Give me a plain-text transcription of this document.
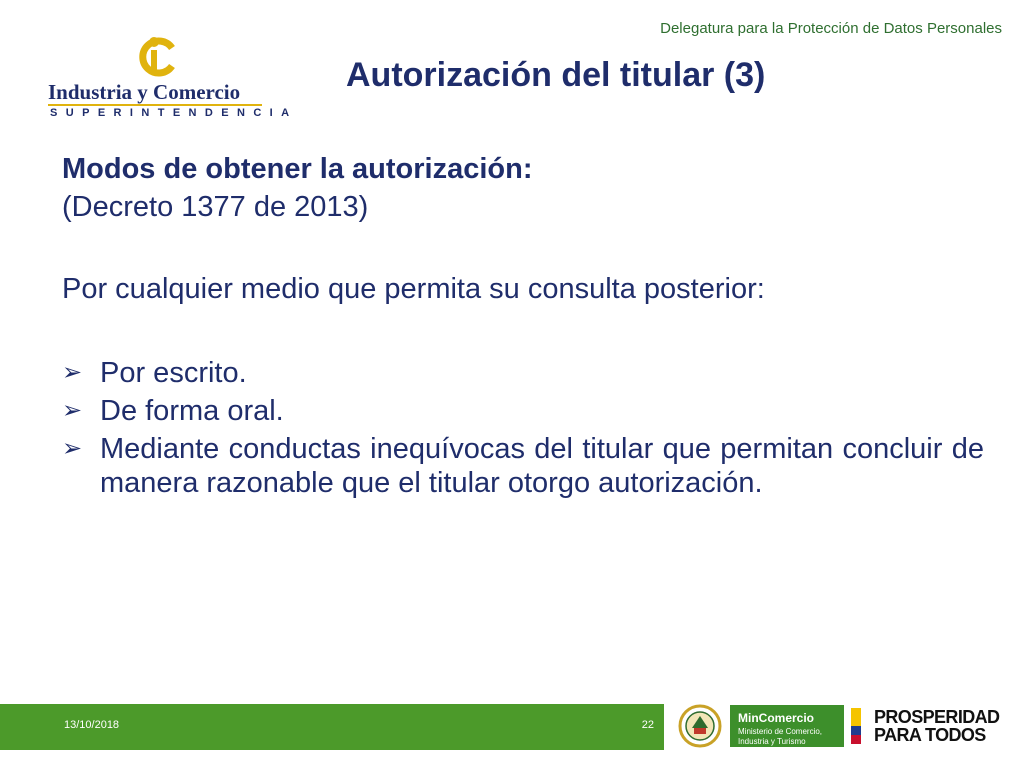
Delegatura para la Protección de Datos Personales
Industria y Comercio
SUPERINTENDENCIA
Autorización del titular (3)
Modos de obtener la autorización:
(Decreto 1377 de 2013)
Por cualquier medio que permita su consulta posterior:
➢ Por escrito.
➢ De forma oral.
➢ Mediante conductas inequívocas del titular que permitan concluir de manera razonable que el titular otorgo autorización.
13/10/2018	22	MinComercio
Ministerio de Comercio,
Industria y Turismo
PROSPERIDAD
PARA TODOS
